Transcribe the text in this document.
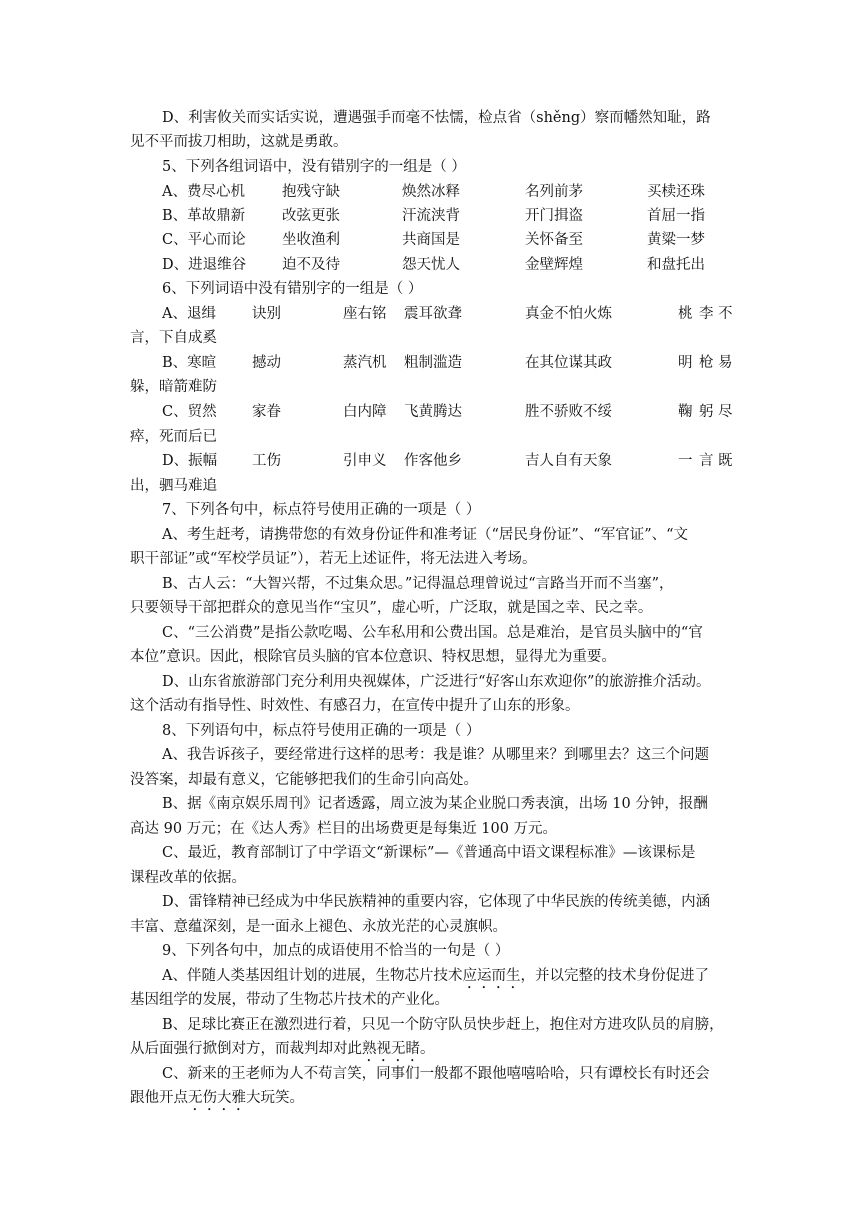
D、利害攸关而实话实说，遭遇强手而毫不怯懦，检点省（shěng）察而幡然知耻，路
见不平而拔刀相助，这就是勇敢。
5、下列各组词语中，没有错别字的一组是（ ）
A、费尽心机	抱残守缺	焕然冰释	名列前茅	买椟还珠
B、革故鼎新	改弦更张	汗流浃背	开门揖盗	首屈一指
C、平心而论	坐收渔利	共商国是	关怀备至	黄粱一梦
D、进退维谷 迫不及待	怨天忧人	金壁辉煌	和盘托出
6、下列词语中没有错别字的一组是（ ）
A、退缉 诀别	座右铭 震耳欲聋	真金不怕火炼	桃 李 不
言，下自成奚
B、寒暄 撼动	蒸汽机 粗制滥造	在其位谋其政	明 枪 易
躲，暗箭难防
C、贸然 家眷	白内障 飞黄腾达	胜不骄败不绥	鞠 躬 尽
瘁，死而后已
D、振幅 工伤	引申义 作客他乡	吉人自有天象	一 言 既
出，驷马难追
7、下列各句中，标点符号使用正确的一项是（ ）
A、考生赶考，请携带您的有效身份证件和准考证（“居民身份证”、“军官证”、“文
职干部证”或“军校学员证”），若无上述证件，将无法进入考场。
B、古人云：“大智兴帮，不过集众思。”记得温总理曾说过“言路当开而不当塞”，
只要领导干部把群众的意见当作“宝贝”，虚心听，广泛取，就是国之幸、民之幸。
C、“三公消费”是指公款吃喝、公车私用和公费出国。总是难治，是官员头脑中的“官
本位”意识。因此，根除官员头脑的官本位意识、特权思想，显得尤为重要。
D、山东省旅游部门充分利用央视媒体，广泛进行“好客山东欢迎你”的旅游推介活动。
这个活动有指导性、时效性、有感召力，在宣传中提升了山东的形象。
8、下列语句中，标点符号使用正确的一项是（ ）
A、我告诉孩子，要经常进行这样的思考：我是谁？从哪里来？到哪里去？这三个问题
没答案，却最有意义，它能够把我们的生命引向高处。
B、据《南京娱乐周刊》记者透露，周立波为某企业脱口秀表演，出场 10 分钟，报酬
高达 90 万元；在《达人秀》栏目的出场费更是每集近 100 万元。
C、最近，教育部制订了中学语文“新课标”—《普通高中语文课程标准》—该课标是
课程改革的依据。
D、雷锋精神已经成为中华民族精神的重要内容，它体现了中华民族的传统美德，内涵
丰富、意蕴深刻，是一面永上褪色、永放光茫的心灵旗帜。
9、下列各句中，加点的成语使用不恰当的一句是（ ）
A、伴随人类基因组计划的进展，生物芯片技术应运而生，并以完整的技术身份促进了
基因组学的发展，带动了生物芯片技术的产业化。
B、足球比赛正在激烈进行着，只见一个防守队员快步赶上，抱住对方进攻队员的肩膀，
从后面强行掀倒对方，而裁判却对此熟视无睹。
C、新来的王老师为人不苟言笑，同事们一般都不跟他嘻嘻哈哈，只有谭校长有时还会
跟他开点无伤大雅大玩笑。
